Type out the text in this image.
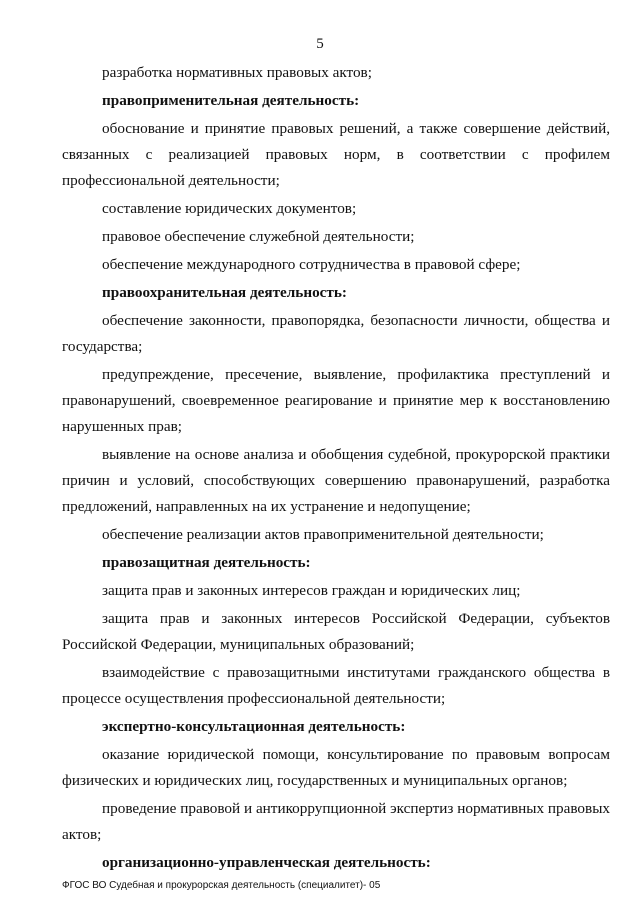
5

разработка нормативных правовых актов;

правоприменительная деятельность:

обоснование и принятие правовых решений, а также совершение действий, связанных с реализацией правовых норм, в соответствии с профилем профессиональной деятельности;

составление юридических документов;

правовое обеспечение служебной деятельности;

обеспечение международного сотрудничества в правовой сфере;

правоохранительная деятельность:

обеспечение законности, правопорядка, безопасности личности, общества и государства;

предупреждение, пресечение, выявление, профилактика преступлений и правонарушений, своевременное реагирование и принятие мер к восстановлению нарушенных прав;

выявление на основе анализа и обобщения судебной, прокурорской практики причин и условий, способствующих совершению правонарушений, разработка предложений, направленных на их устранение и недопущение;

обеспечение реализации актов правоприменительной деятельности;

правозащитная деятельность:

защита прав и законных интересов граждан и юридических лиц;

защита прав и законных интересов Российской Федерации, субъектов Российской Федерации, муниципальных образований;

взаимодействие с правозащитными институтами гражданского общества в процессе осуществления профессиональной деятельности;

экспертно-консультационная деятельность:

оказание юридической помощи, консультирование по правовым вопросам физических и юридических лиц, государственных и муниципальных органов;

проведение правовой и антикоррупционной экспертиз нормативных правовых актов;

организационно-управленческая деятельность:

ФГОС ВО Судебная и прокурорская деятельность (специалитет)- 05
